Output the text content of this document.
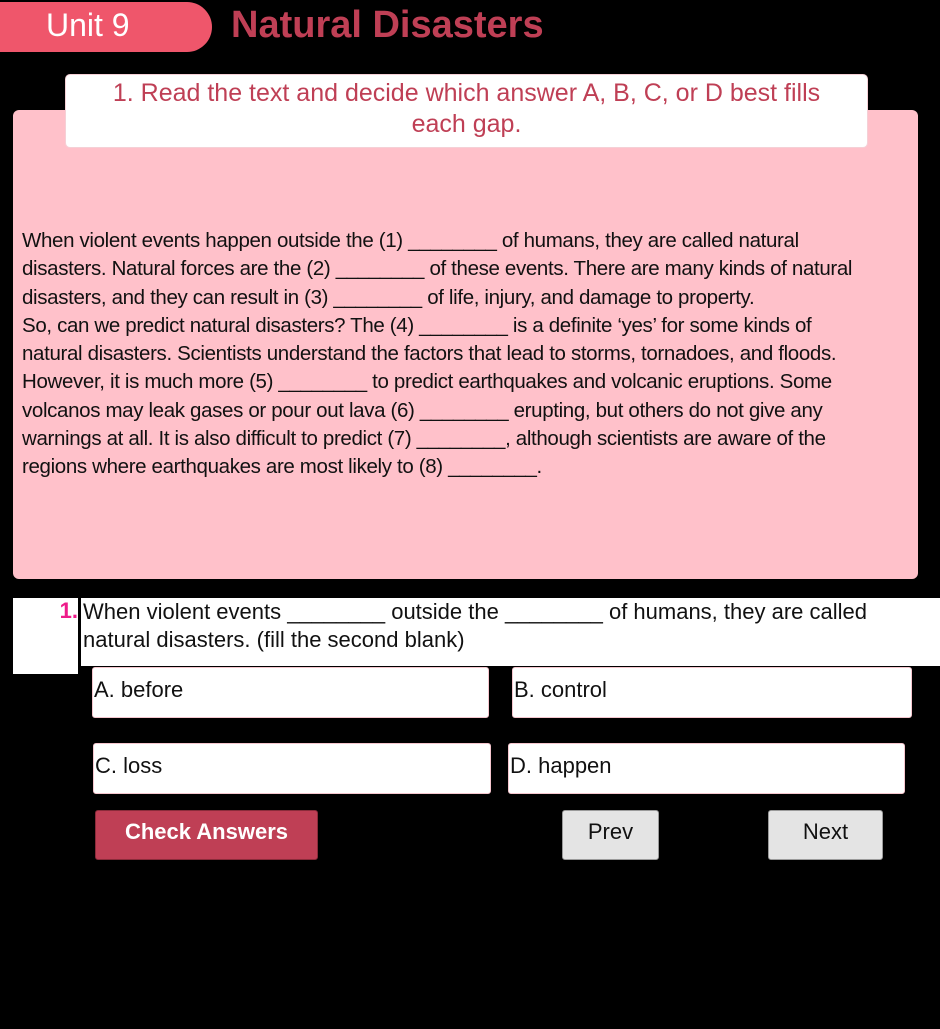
Unit 9	Natural Disasters
1. Read the text and decide which answer A, B, C, or D best fills each gap.
When violent events happen outside the (1) ________ of humans, they are called natural
disasters. Natural forces are the (2) ________ of these events. There are many kinds of natural
disasters, and they can result in (3) ________ of life, injury, and damage to property.
So, can we predict natural disasters? The (4) ________ is a definite ‘yes’ for some kinds of
natural disasters. Scientists understand the factors that lead to storms, tornadoes, and floods.
However, it is much more (5) ________ to predict earthquakes and volcanic eruptions. Some
volcanos may leak gases or pour out lava (6) ________ erupting, but others do not give any
warnings at all. It is also difficult to predict (7) ________, although scientists are aware of the
regions where earthquakes are most likely to (8) ________.
1. When violent events ________ outside the ________ of humans, they are called natural disasters. (fill the second blank)
A. before	B. control
C. loss	D. happen
Check Answers	Prev	Next
